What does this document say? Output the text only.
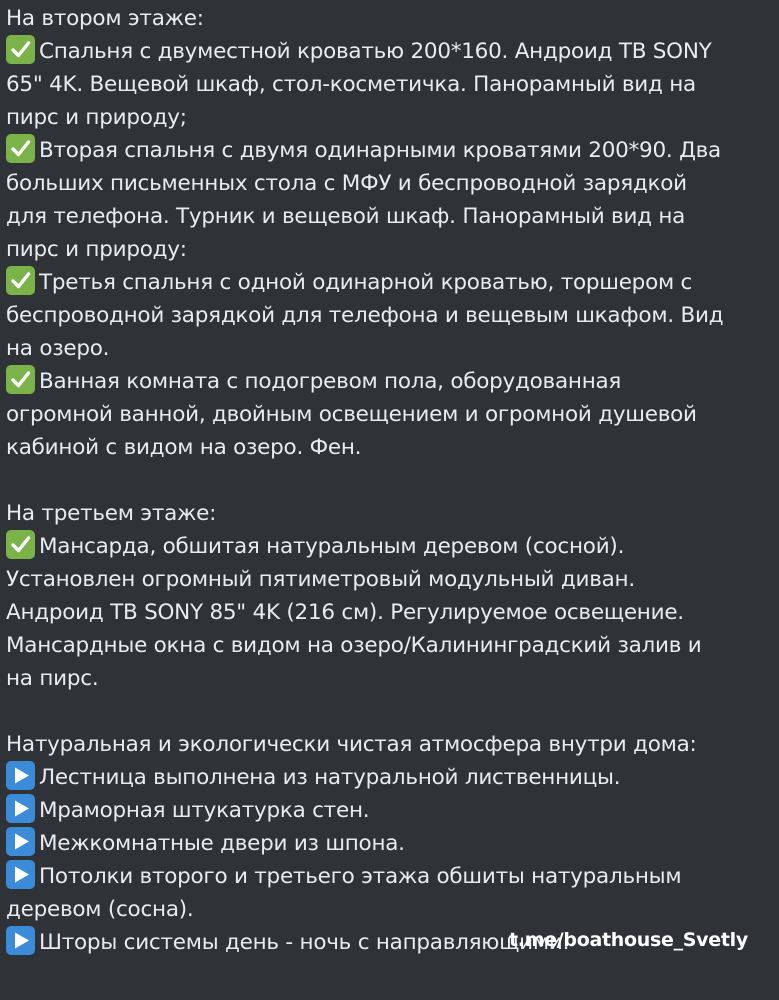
На втором этаже:
Спальня с двуместной кроватью 200*160. Андроид ТВ SONY
65" 4K. Вещевой шкаф, стол-косметичка. Панорамный вид на
пирс и природу;
Вторая спальня с двумя одинарными кроватями 200*90. Два
больших письменных стола с МФУ и беспроводной зарядкой
для телефона. Турник и вещевой шкаф. Панорамный вид на
пирс и природу:
Третья спальня с одной одинарной кроватью, торшером с
беспроводной зарядкой для телефона и вещевым шкафом. Вид
на озеро.
Ванная комната с подогревом пола, оборудованная
огромной ванной, двойным освещением и огромной душевой
кабиной с видом на озеро. Фен.
На третьем этаже:
Мансарда, обшитая натуральным деревом (сосной).
Установлен огромный пятиметровый модульный диван.
Андроид ТВ SONY 85" 4K (216 см). Регулируемое освещение.
Мансардные окна с видом на озеро/Калининградский залив и
на пирс.
Натуральная и экологически чистая атмосфера внутри дома:
Лестница выполнена из натуральной лиственницы.
Мраморная штукатурка стен.
Межкомнатные двери из шпона.
Потолки второго и третьего этажа обшиты натуральным
деревом (сосна).
Шторы системы день - ночь с направляющими.
t.me/boathouse_Svetly
